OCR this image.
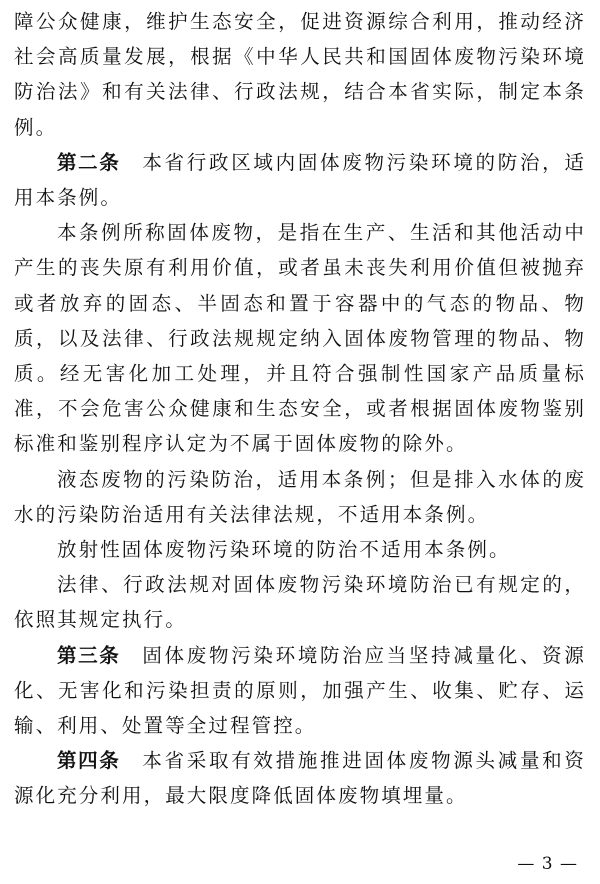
障公众健康，维护生态安全，促进资源综合利用，推动经济社会高质量发展，根据《中华人民共和国固体废物污染环境防治法》和有关法律、行政法规，结合本省实际，制定本条例。

第二条 本省行政区域内固体废物污染环境的防治，适用本条例。

本条例所称固体废物，是指在生产、生活和其他活动中产生的丧失原有利用价值，或者虽未丧失利用价值但被抛弃或者放弃的固态、半固态和置于容器中的气态的物品、物质，以及法律、行政法规规定纳入固体废物管理的物品、物质。经无害化加工处理，并且符合强制性国家产品质量标准，不会危害公众健康和生态安全，或者根据固体废物鉴别标准和鉴别程序认定为不属于固体废物的除外。

液态废物的污染防治，适用本条例；但是排入水体的废水的污染防治适用有关法律法规，不适用本条例。

放射性固体废物污染环境的防治不适用本条例。

法律、行政法规对固体废物污染环境防治已有规定的，依照其规定执行。

第三条 固体废物污染环境防治应当坚持减量化、资源化、无害化和污染担责的原则，加强产生、收集、贮存、运输、利用、处置等全过程管控。

第四条 本省采取有效措施推进固体废物源头减量和资源化充分利用，最大限度降低固体废物填埋量。

— 3 —
